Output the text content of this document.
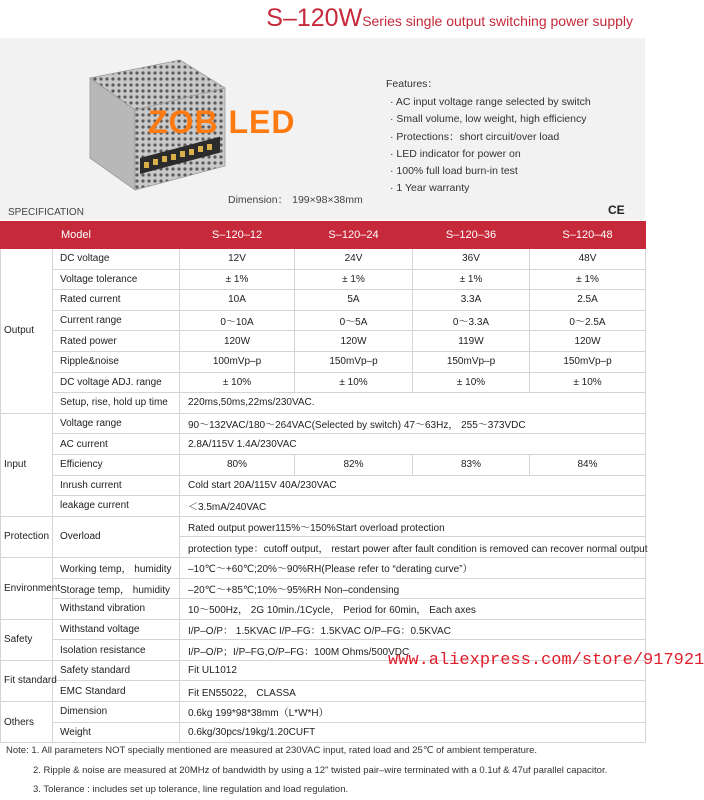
S–120WSeries single output switching power supply
ZOB LED
Dimension： 199×98×38mm
Features：
· AC input voltage range selected by switch
· Small volume, low weight, high efficiency
· Protections：short circuit/over load
· LED indicator for power on
· 100% full load burn-in test
· 1 Year warranty
SPECIFICATION	CE
	Model	S–120–12	S–120–24	S–120–36	S–120–48
Output	DC voltage	12V	24V	36V	48V
	Voltage tolerance	± 1%	± 1%	± 1%	± 1%
	Rated current	10A	5A	3.3A	2.5A
	Current range	0～10A	0～5A	0～3.3A	0～2.5A
	Rated power	120W	120W	119W	120W
	Ripple&noise	100mVp–p	150mVp–p	150mVp–p	150mVp–p
	DC voltage ADJ. range	± 10%	± 10%	± 10%	± 10%
	Setup, rise, hold up time	220ms,50ms,22ms/230VAC.			
Input	Voltage range	90～132VAC/180～264VAC(Selected by switch) 47～63Hz， 255～373VDC			
	AC current	2.8A/115V 1.4A/230VAC			
	Efficiency	80%	82%	83%	84%
	Inrush current	Cold start 20A/115V 40A/230VAC			
	leakage current	＜3.5mA/240VAC			
Protection	Overload	Rated output power115%～150%Start overload protection			
		protection type：cutoff output， restart power after fault condition is removed can recover normal output			
Environment	Working temp， humidity	–10℃～+60℃;20%～90%RH(Please refer to “derating curve”）			
	Storage temp， humidity	–20℃～+85℃;10%～95%RH Non–condensing			
	Withstand vibration	10～500Hz， 2G 10min./1Cycle， Period for 60min， Each axes			
Safety	Withstand voltage	I/P–O/P： 1.5KVAC I/P–FG：1.5KVAC O/P–FG：0.5KVAC			
	Isolation resistance	I/P–O/P；I/P–FG,O/P–FG：100M Ohms/500VDC			
Fit standard	Safety standard	Fit UL1012			
	EMC Standard	Fit EN55022， CLASSA			
Others	Dimension	0.6kg 199*98*38mm（L*W*H）			
	Weight	0.6kg/30pcs/19kg/1.20CUFT			
www.aliexpress.com/store/917921
Note: 1. All parameters NOT specially mentioned are measured at 230VAC input, rated load and 25℃ of ambient temperature.
2. Ripple & noise are measured at 20MHz of bandwidth by using a 12" twisted pair–wire terminated with a 0.1uf & 47uf parallel capacitor.
3. Tolerance : includes set up tolerance, line regulation and load regulation.
